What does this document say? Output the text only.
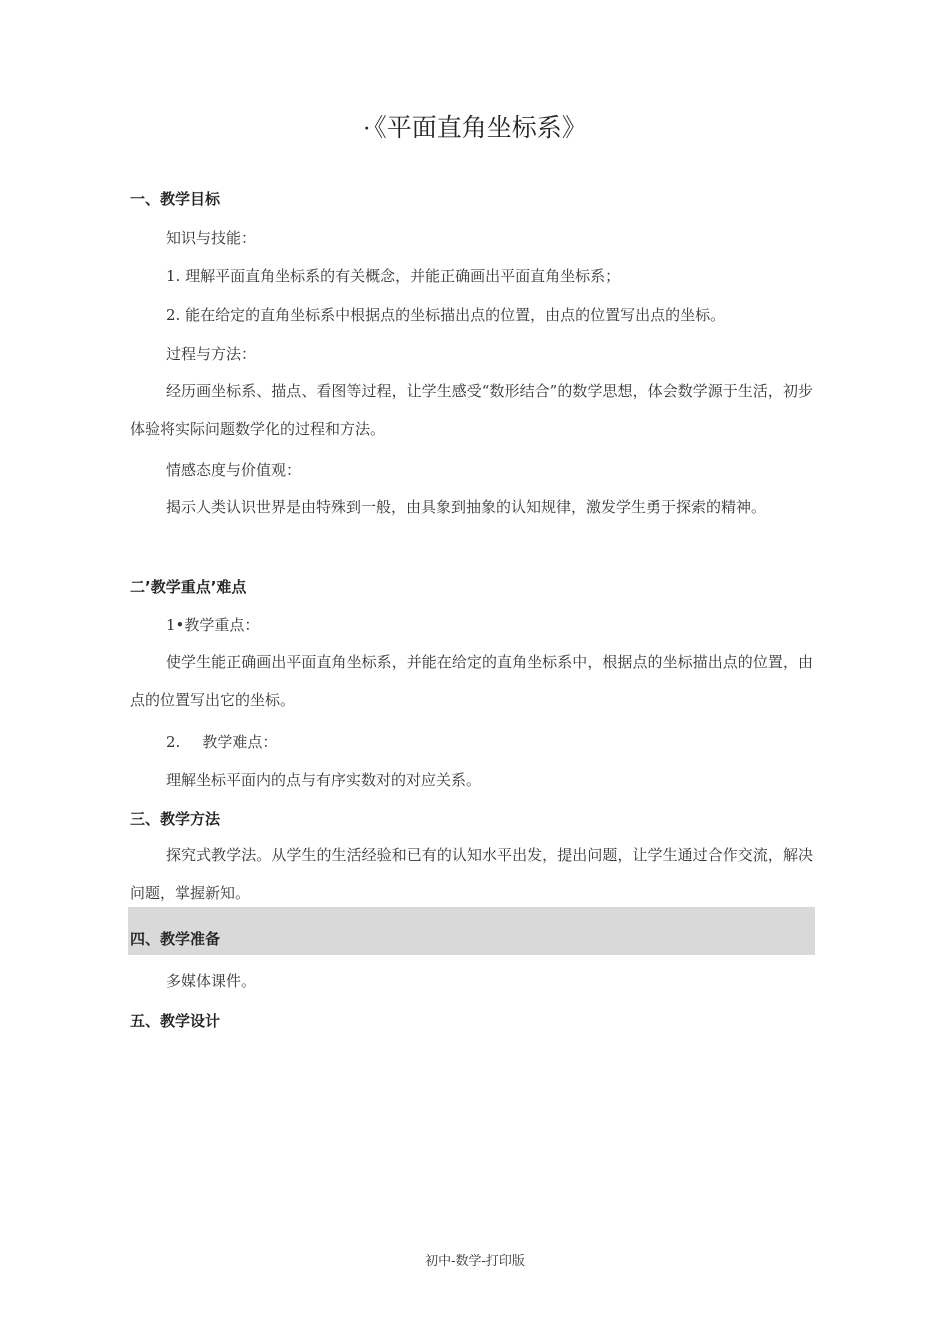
· 《平面直角坐标系》
一、教学目标
知识与技能：
1. 理解平面直角坐标系的有关概念，并能正确画出平面直角坐标系；
2. 能在给定的直角坐标系中根据点的坐标描出点的位置，由点的位置写出点的坐标。
过程与方法：
经历画坐标系、描点、看图等过程，让学生感受“数形结合”的数学思想，体会数学源于生活，初步体验将实际问题数学化的过程和方法。
情感态度与价值观：
揭示人类认识世界是由特殊到一般，由具象到抽象的认知规律，激发学生勇于探索的精神。
二’教学重点’难点
1•教学重点：
使学生能正确画出平面直角坐标系，并能在给定的直角坐标系中，根据点的坐标描出点的位置，由点的位置写出它的坐标。
2. 教学难点：
理解坐标平面内的点与有序实数对的对应关系。
三、教学方法
探究式教学法。从学生的生活经验和已有的认知水平出发，提出问题，让学生通过合作交流，解决问题，掌握新知。
四、教学准备
多媒体课件。
五、教学设计
初中-数学-打印版
